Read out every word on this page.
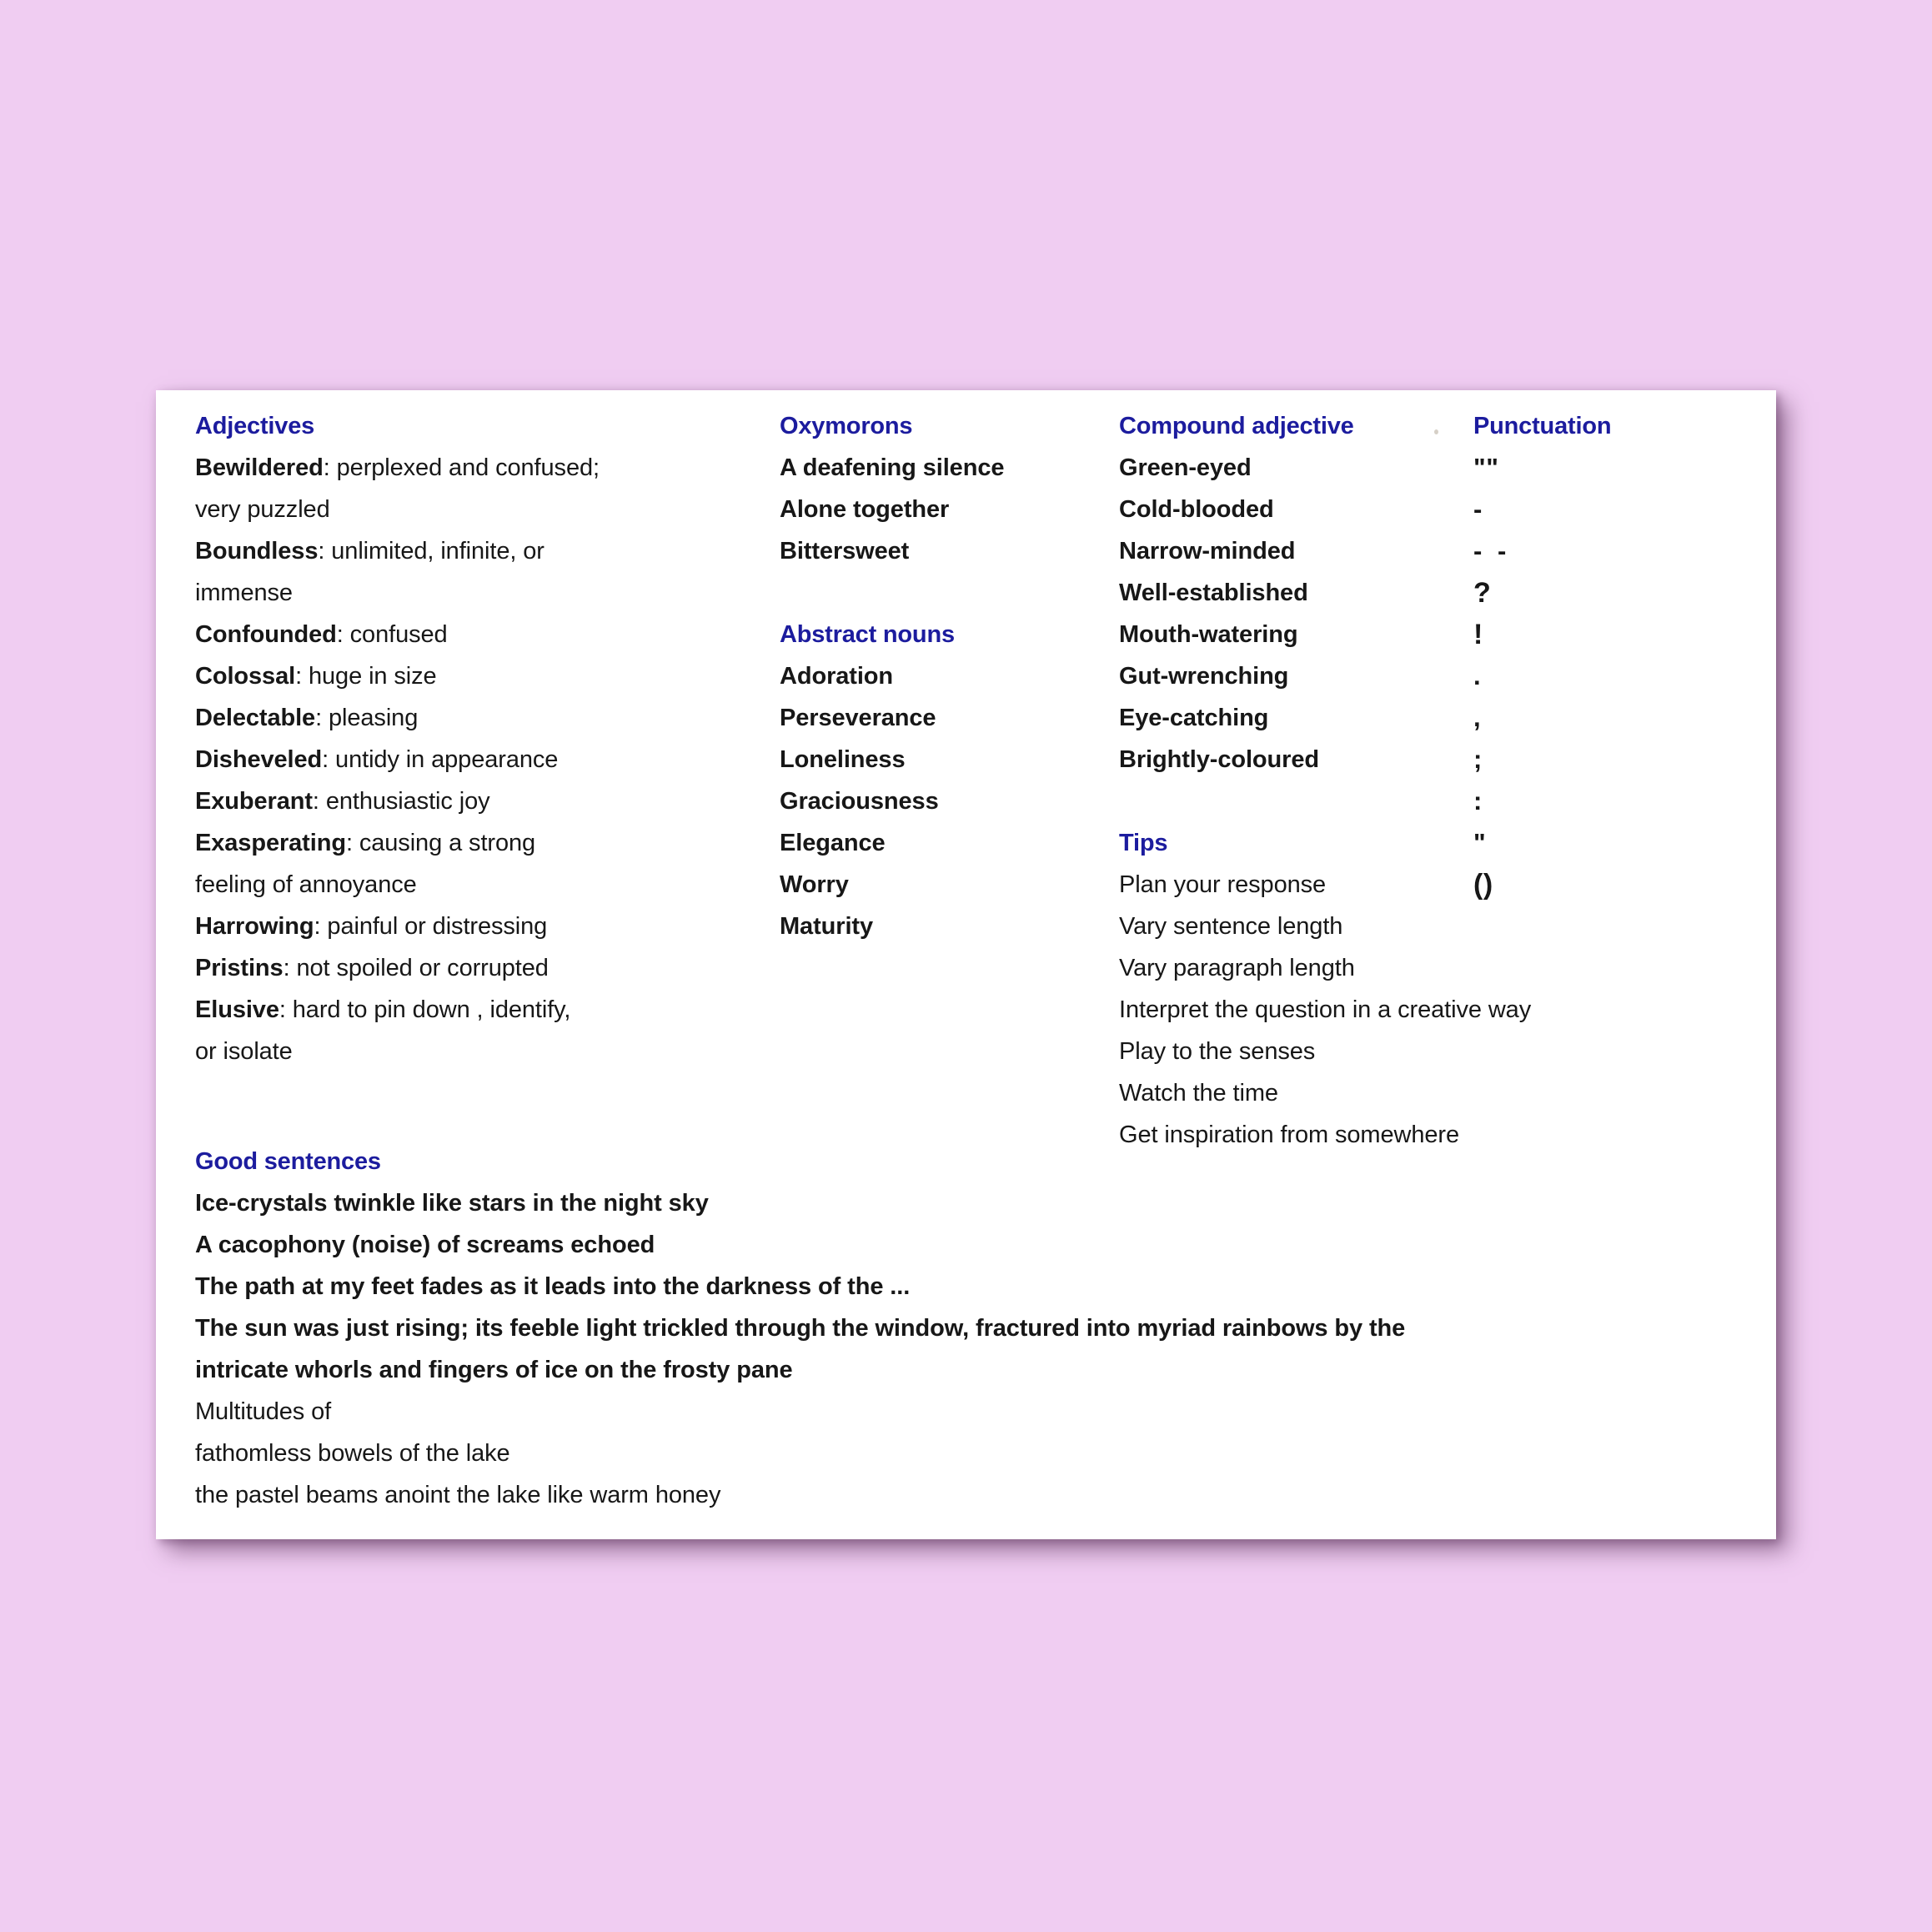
Adjectives
Bewildered: perplexed and confused;
very puzzled
Boundless: unlimited, infinite, or
immense
Confounded: confused
Colossal: huge in size
Delectable: pleasing
Disheveled: untidy in appearance
Exuberant: enthusiastic joy
Exasperating: causing a strong
feeling of annoyance
Harrowing: painful or distressing
Pristins: not spoiled or corrupted
Elusive: hard to pin down , identify,
or isolate
Oxymorons
A deafening silence
Alone together
Bittersweet
Abstract nouns
Adoration
Perseverance
Loneliness
Graciousness
Elegance
Worry
Maturity
Compound adjective
Green-eyed
Cold-blooded
Narrow-minded
Well-established
Mouth-watering
Gut-wrenching
Eye-catching
Brightly-coloured
Tips
Plan your response
Vary sentence length
Vary paragraph length
Interpret the question in a creative way
Play to the senses
Watch the time
Get inspiration from somewhere
Punctuation
""
-
-  -
?
!
.
,
;
:
"
()
Good sentences
Ice-crystals twinkle like stars in the night sky
A cacophony (noise) of screams echoed
The path at my feet fades as it leads into the darkness of the ...
The sun was just rising; its feeble light trickled through the window, fractured into myriad rainbows by the
intricate whorls and fingers of ice on the frosty pane
Multitudes of
fathomless bowels of the lake
the pastel beams anoint the lake like warm honey
